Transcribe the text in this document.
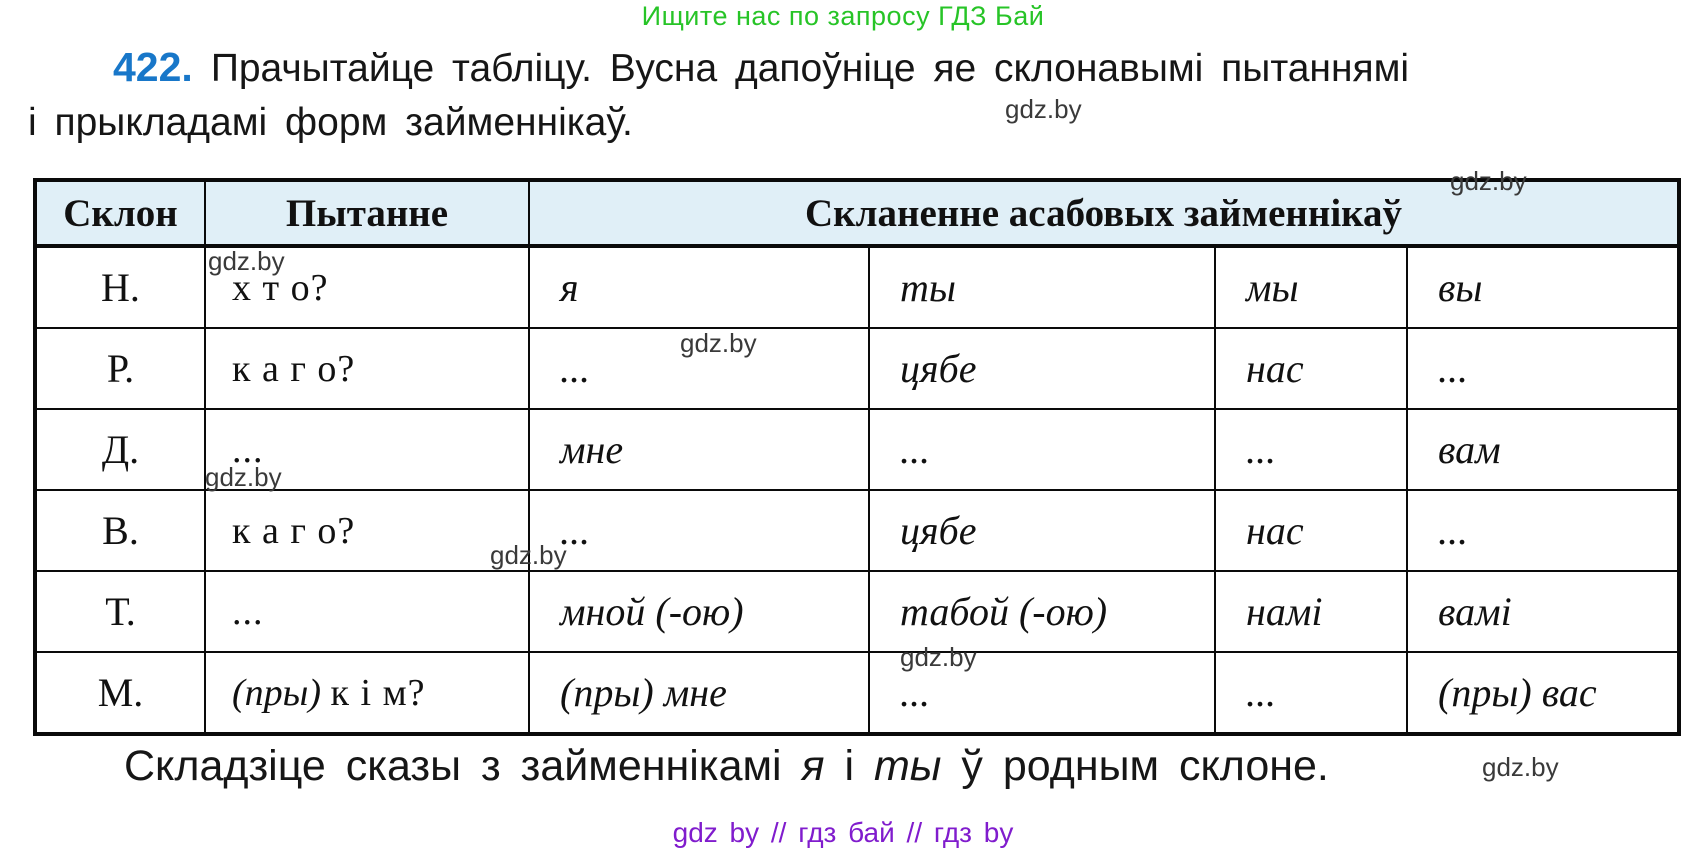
Ищите нас по запросу ГДЗ Бай
422. Прачытайце табліцу. Вусна дапоўніце яе склонавымі пытаннямі
і прыкладамі форм займеннікаў.
Склон	Пытанне	Скланенне асабовых займеннікаў			
Н.	х т о?	я	ты	мы	вы
Р.	к а г о?	...	цябе	нас	...
Д.	...	мне	...	...	вам
В.	к а г о?	...	цябе	нас	...
Т.	...	мной (-ою)	табой (-ою)	намі	вамі
М.	(пры) к і м?	(пры) мне	...	...	(пры) вас
gdz.by
gdz.by
gdz.by
gdz.by
gdz.by
gdz.by
gdz.by
gdz.by
Складзіце сказы з займеннікамі я і ты ў родным склоне.
gdz by // гдз бай // гдз by
